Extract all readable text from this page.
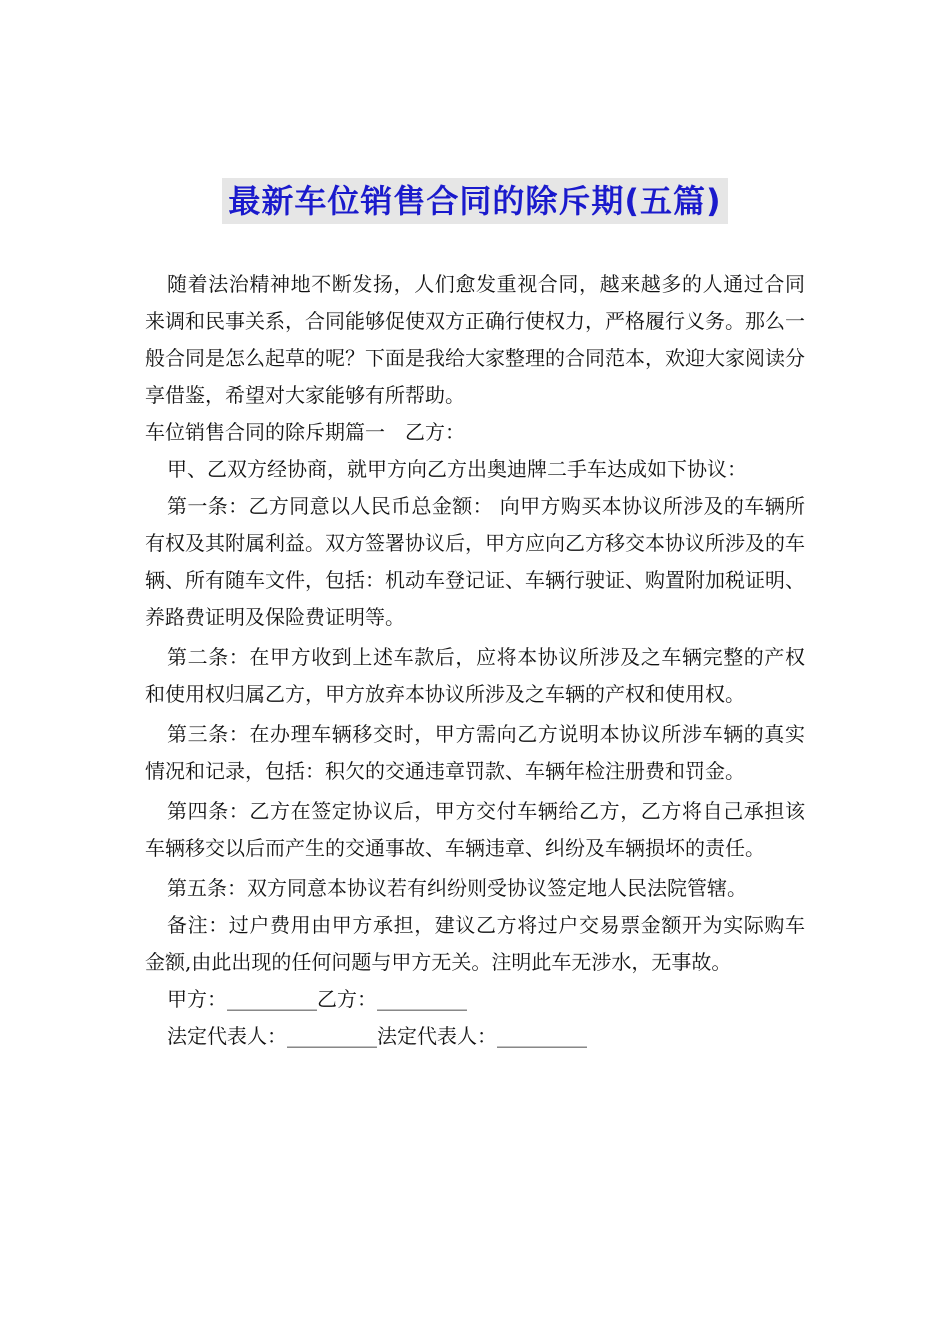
最新车位销售合同的除斥期(五篇)

随着法治精神地不断发扬，人们愈发重视合同，越来越多的人通过合同来调和民事关系，合同能够促使双方正确行使权力，严格履行义务。那么一般合同是怎么起草的呢？下面是我给大家整理的合同范本，欢迎大家阅读分享借鉴，希望对大家能够有所帮助。

车位销售合同的除斥期篇一　乙方：

甲、乙双方经协商，就甲方向乙方出奥迪牌二手车达成如下协议：

第一条：乙方同意以人民币总金额： 向甲方购买本协议所涉及的车辆所有权及其附属利益。双方签署协议后，甲方应向乙方移交本协议所涉及的车辆、所有随车文件，包括：机动车登记证、车辆行驶证、购置附加税证明、养路费证明及保险费证明等。

第二条：在甲方收到上述车款后，应将本协议所涉及之车辆完整的产权和使用权归属乙方，甲方放弃本协议所涉及之车辆的产权和使用权。

第三条：在办理车辆移交时，甲方需向乙方说明本协议所涉车辆的真实情况和记录，包括：积欠的交通违章罚款、车辆年检注册费和罚金。

第四条：乙方在签定协议后，甲方交付车辆给乙方，乙方将自己承担该车辆移交以后而产生的交通事故、车辆违章、纠纷及车辆损坏的责任。

第五条：双方同意本协议若有纠纷则受协议签定地人民法院管辖。

备注：过户费用由甲方承担，建议乙方将过户交易票金额开为实际购车金额,由此出现的任何问题与甲方无关。注明此车无涉水，无事故。

甲方：_________乙方：_________

法定代表人：_________法定代表人：_________
